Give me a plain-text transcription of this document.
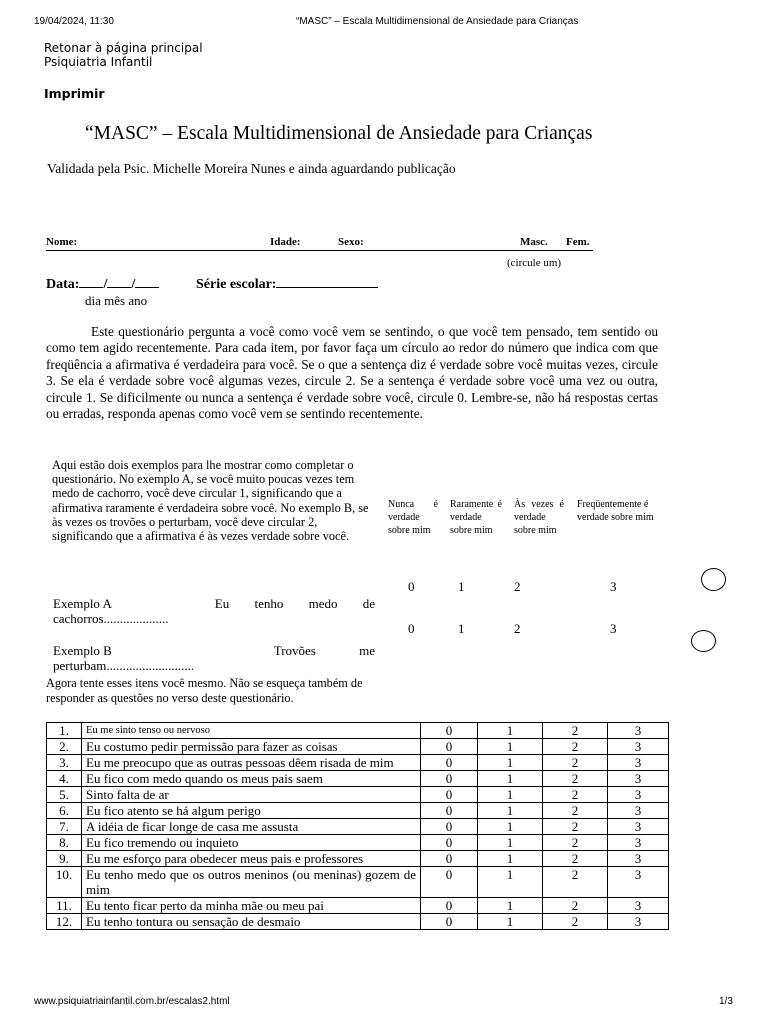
19/04/2024, 11:30	“MASC” – Escala Multidimensional de Ansiedade para Crianças
Retonar à página principal
Psiquiatria Infantil
Imprimir
“MASC” – Escala Multidimensional de Ansiedade para Crianças
Validada pela Psic. Michelle Moreira Nunes e ainda aguardando publicação
Nome:	Idade:	Sexo:	Masc. Fem.
(circule um)
Data: / /	Série escolar:
dia mês ano

Este questionário pergunta a você como você vem se sentindo, o que você tem pensado, tem sentido ou como tem agido recentemente. Para cada item, por favor faça um círculo ao redor do número que indica com que freqüência a afirmativa é verdadeira para você. Se o que a sentença diz é verdade sobre você muitas vezes, circule 3. Se ela é verdade sobre você algumas vezes, circule 2. Se a sentença é verdade sobre você uma vez ou outra, circule 1. Se dificilmente ou nunca a sentença é verdade sobre você, circule 0. Lembre-se, não há respostas certas ou erradas, responda apenas como você vem se sentindo recentemente.

Aqui estão dois exemplos para lhe mostrar como completar o questionário. No exemplo A, se você muito poucas vezes tem medo de cachorro, você deve circular 1, significando que a afirmativa raramente é verdadeira sobre você. No exemplo B, se às vezes os trovões o perturbam, você deve circular 2, significando que a afirmativa é às vezes verdade sobre você.
Nunca é verdade sobre mim
Raramente é verdade sobre mim
Às vezes é verdade sobre mim
Freqüentemente é verdade sobre mim
0	1	2	3
Exemplo A	Eu tenho medo de
cachorros....................
0	1	2	3
Exemplo B	Trovões me
perturbam...........................
Agora tente esses itens você mesmo. Não se esqueça também de responder as questões no verso deste questionário.
1.	Eu me sinto tenso ou nervoso	0	1	2	3
2.	Eu costumo pedir permissão para fazer as coisas	0	1	2	3
3.	Eu me preocupo que as outras pessoas dêem risada de mim	0	1	2	3
4.	Eu fico com medo quando os meus pais saem	0	1	2	3
5.	Sinto falta de ar	0	1	2	3
6.	Eu fico atento se há algum perigo	0	1	2	3
7.	A idéia de ficar longe de casa me assusta	0	1	2	3
8.	Eu fico tremendo ou inquieto	0	1	2	3
9.	Eu me esforço para obedecer meus pais e professores	0	1	2	3
10.	Eu tenho medo que os outros meninos (ou meninas) gozem de mim	0	1	2	3
11.	Eu tento ficar perto da minha mãe ou meu pai	0	1	2	3
12.	Eu tenho tontura ou sensação de desmaio	0	1	2	3
www.psiquiatriainfantil.com.br/escalas2.html	1/3
